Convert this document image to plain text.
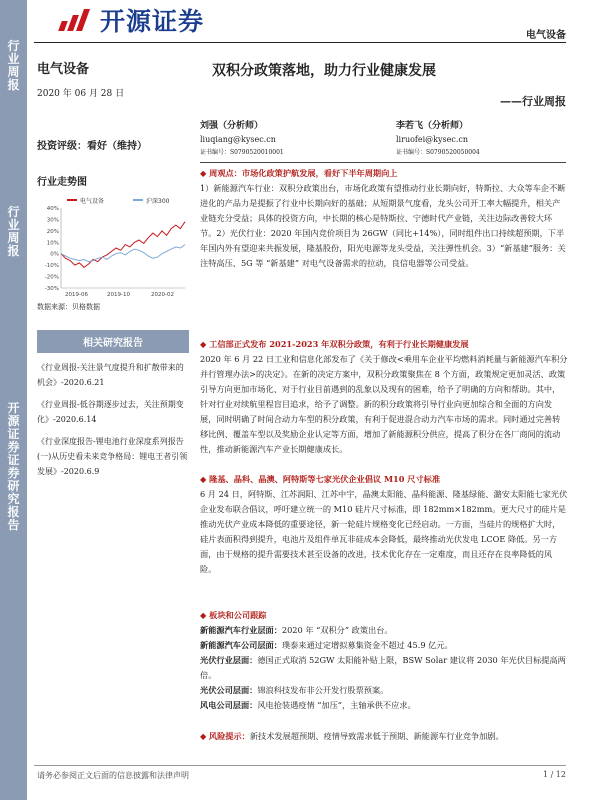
行业周报
行业周报
开源证券 证券研究报告
开源证券	电气设备
电气设备
2020 年 06 月 28 日
投资评级：看好（维持）
行业走势图
电气设备	沪深300
40%
30%
20%
10%
0%
-10%
-20%
-30%
2019-06	2019-10	2020-02
数据来源：贝格数据
相关研究报告
《行业周报-关注景气度提升和扩散带来的机会》-2020.6.21
《行业周报-低谷期逐步过去，关注预期变化》-2020.6.14
《行业深度报告-锂电池行业深度系列报告(一)从历史看未来竞争格局：锂电王者引领发展》-2020.6.9
双积分政策落地，助力行业健康发展
——行业周报
刘强（分析师）
liuqiang@kysec.cn
证书编号：S0790520010001
李若飞（分析师）
liruofei@kysec.cn
证书编号：S0790520050004
◆ 周观点：市场化政策护航发展，看好下半年周期向上
1）新能源汽车行业：双积分政策出台，市场化政策有望推动行业长期向好，特斯拉、大众等车企不断进化的产品力是提振了行业中长期向好的基础；从短期景气度看，龙头公司开工率大幅提升，相关产业链充分受益；具体的投资方向，中长期的核心是特斯拉、宁德时代产业链，关注边际改善较大环节。2）光伏行业：2020 年国内竞价项目为 26GW（同比+14%），同时组件出口持续超预期，下半年国内外有望迎来共振发展，隆基股份，阳光电源等龙头受益，关注弹性机会。3）“新基建”服务：关注特高压、5G 等 “新基建” 对电气设备需求的拉动，良信电器等公司受益。
◆ 工信部正式发布 2021-2023 年双积分政策，有利于行业长期健康发展
2020 年 6 月 22 日工业和信息化部发布了《关于修改<乘用车企业平均燃料消耗量与新能源汽车积分并行管理办法>的决定》。在新的决定方案中，双积分政策聚焦在 8 个方面，政策规定更加灵活、政策引导方向更加市场化、对于行业目前遇到的乱象以及现有的困难，给予了明确的方向和帮助。其中，针对行业对续航里程盲目追求，给予了调整。新的积分政策将引导行业向更加综合和全面的方向发展，同时明确了时间合动力车型的积分政策，有利于促进混合动力汽车市场的需求。同时通过完善转移比例、覆盖车型以及奖励企业认定等方面，增加了新能源积分供应，提高了积分在各厂商间的流动性，推动新能源汽车产业长期健康成长。
◆ 隆基、晶科、晶澳、阿特斯等七家光伏企业倡议 M10 尺寸标准
6 月 24 日，阿特斯、江苏润阳、江苏中宇，晶澳太阳能、晶科能源、隆基绿能、潞安太阳能七家光伏企业发布联合倡议，呼吁建立统一的 M10 硅片尺寸标准，即 182mm×182mm。更大尺寸的硅片是推动光伏产业成本降低的重要途径，新一轮硅片规格变化已经启动。一方面，当硅片的规格扩大时，硅片表面积得到提升，电池片及组件单瓦非硅成本会降低，最终推动光伏发电 LCOE 降低。另一方面，由于规格的提升需要技术甚至设备的改进，技术优化存在一定难度，而且还存在良率降低的风险。
◆ 板块和公司跟踪
新能源汽车行业层面：2020 年 “双积分” 政策出台。
新能源汽车公司层面：璞泰来通过定增拟募集资金不超过 45.9 亿元。
光伏行业层面：德国正式取消 52GW 太阳能补贴上限，BSW Solar 建议将 2030 年光伏目标提高两倍。
光伏公司层面：锦浪科技发布非公开发行股票预案。
风电公司层面：风电抢装遇疫情 “加压”，主轴承供不应求。
◆ 风险提示：新技术发展超预期、疫情导致需求低于预期、新能源车行业竞争加剧。
请务必参阅正文后面的信息披露和法律声明	1 / 12
